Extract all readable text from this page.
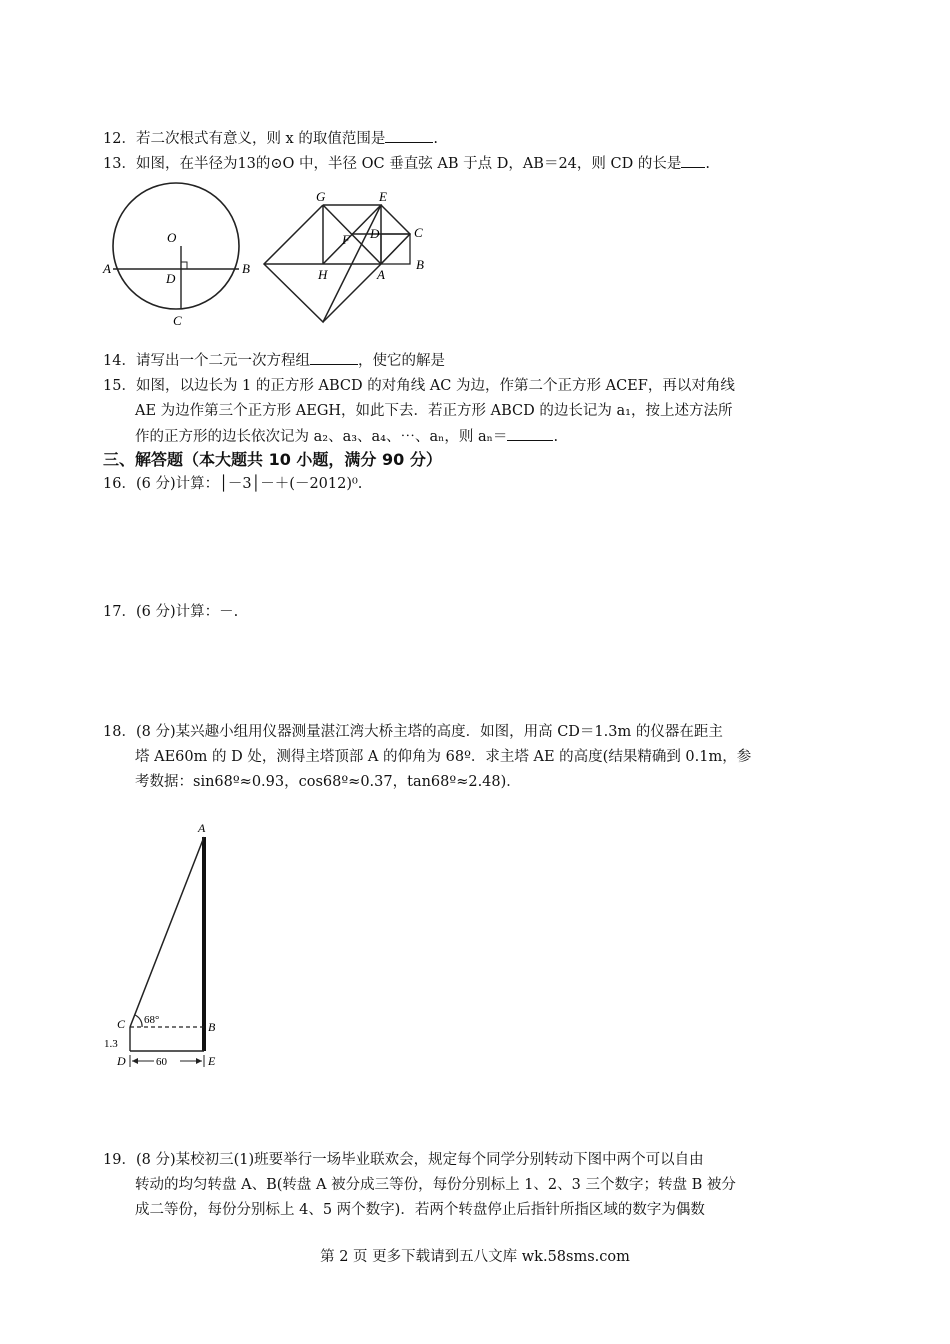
12．若二次根式有意义，则 x 的取值范围是	.
13．如图，在半径为13的⊙O 中，半径 OC 垂直弦 AB 于点 D，AB＝24，则 CD 的长是 .
O
A	B
D
C
G	E
C
F D
H	A
B
14．请写出一个二元一次方程组	，使它的解是
15．如图，以边长为 1 的正方形 ABCD 的对角线 AC 为边，作第二个正方形 ACEF，再以对角线
AE 为边作第三个正方形 AEGH，如此下去．若正方形 ABCD 的边长记为 a₁，按上述方法所
作的正方形的边长依次记为 a₂、a₃、a₄、⋯、aₙ，则 aₙ＝	.
三、解答题（本大题共 10 小题，满分 90 分）
16．(6 分)计算：│－3│－＋(－2012)⁰.
17．(6 分)计算：－.
18．(8 分)某兴趣小组用仪器测量湛江湾大桥主塔的高度．如图，用高 CD＝1.3m 的仪器在距主
塔 AE60m 的 D 处，测得主塔顶部 A 的仰角为 68º．求主塔 AE 的高度(结果精确到 0.1m，参
考数据：sin68º≈0.93，cos68º≈0.37，tan68º≈2.48)．
A
C	B
D	E
68°
1.3
60
19．(8 分)某校初三(1)班要举行一场毕业联欢会，规定每个同学分别转动下图中两个可以自由
转动的均匀转盘 A、B(转盘 A 被分成三等份，每份分别标上 1、2、3 三个数字；转盘 B 被分
成二等份，每份分别标上 4、5 两个数字)．若两个转盘停止后指针所指区域的数字为偶数
第 2 页 更多下载请到五八文库 wk.58sms.com
